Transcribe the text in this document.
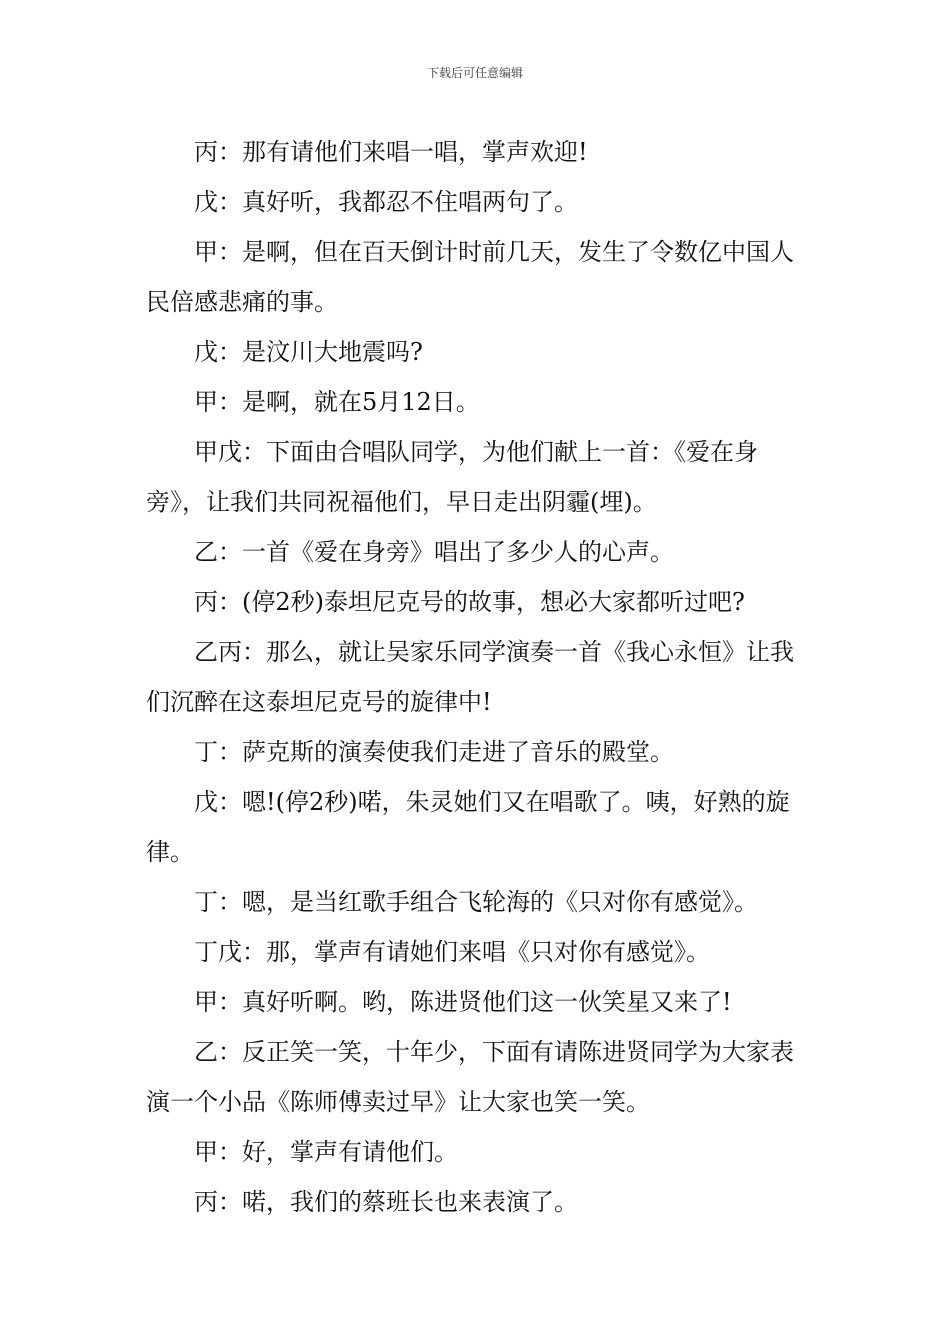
下载后可任意编辑

丙：那有请他们来唱一唱，掌声欢迎!

戊：真好听，我都忍不住唱两句了。

甲：是啊，但在百天倒计时前几天，发生了令数亿中国人民倍感悲痛的事。

戊：是汶川大地震吗?

甲：是啊，就在5月12日。

甲戊：下面由合唱队同学，为他们献上一首：《爱在身旁》，让我们共同祝福他们，早日走出阴霾(埋)。

乙：一首《爱在身旁》唱出了多少人的心声。

丙：(停2秒)泰坦尼克号的故事，想必大家都听过吧?

乙丙：那么，就让吴家乐同学演奏一首《我心永恒》让我们沉醉在这泰坦尼克号的旋律中!

丁：萨克斯的演奏使我们走进了音乐的殿堂。

戊：嗯!(停2秒)喏，朱灵她们又在唱歌了。咦，好熟的旋律。

丁：嗯，是当红歌手组合飞轮海的《只对你有感觉》。

丁戊：那，掌声有请她们来唱《只对你有感觉》。

甲：真好听啊。哟，陈进贤他们这一伙笑星又来了!

乙：反正笑一笑，十年少，下面有请陈进贤同学为大家表演一个小品《陈师傅卖过早》让大家也笑一笑。

甲：好，掌声有请他们。

丙：喏，我们的蔡班长也来表演了。
